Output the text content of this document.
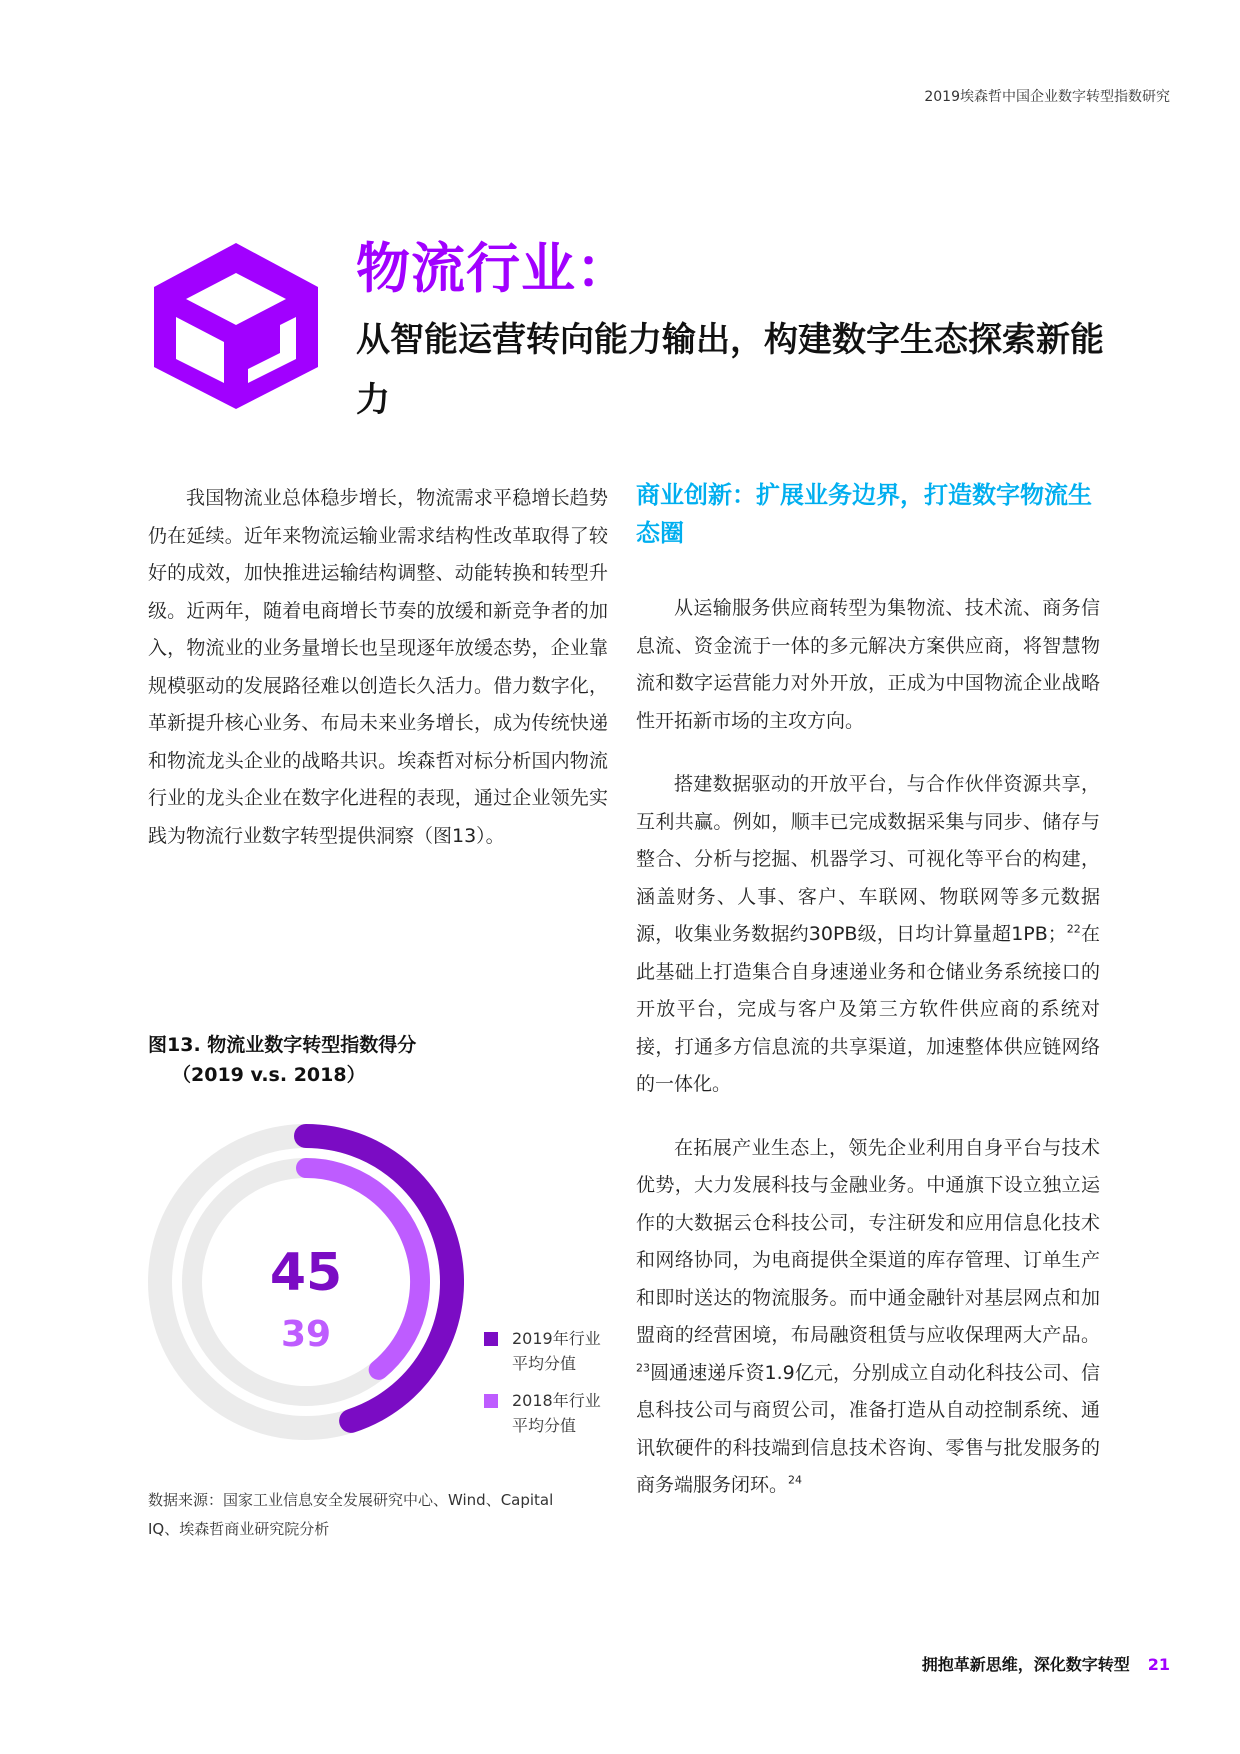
2019埃森哲中国企业数字转型指数研究
物流行业：
从智能运营转向能力输出，构建数字生态探索新能力

我国物流业总体稳步增长，物流需求平稳增长趋势仍在延续。近年来物流运输业需求结构性改革取得了较好的成效，加快推进运输结构调整、动能转换和转型升级。近两年，随着电商增长节奏的放缓和新竞争者的加入，物流业的业务量增长也呈现逐年放缓态势，企业靠规模驱动的发展路径难以创造长久活力。借力数字化，革新提升核心业务、布局未来业务增长，成为传统快递和物流龙头企业的战略共识。埃森哲对标分析国内物流行业的龙头企业在数字化进程的表现，通过企业领先实践为物流行业数字转型提供洞察（图13）。

商业创新：扩展业务边界，打造数字物流生态圈

从运输服务供应商转型为集物流、技术流、商务信息流、资金流于一体的多元解决方案供应商，将智慧物流和数字运营能力对外开放，正成为中国物流企业战略性开拓新市场的主攻方向。

搭建数据驱动的开放平台，与合作伙伴资源共享，互利共赢。例如，顺丰已完成数据采集与同步、储存与整合、分析与挖掘、机器学习、可视化等平台的构建，涵盖财务、人事、客户、车联网、物联网等多元数据源，收集业务数据约30PB级，日均计算量超1PB；$^{22}$在此基础上打造集合自身速递业务和仓储业务系统接口的开放平台，完成与客户及第三方软件供应商的系统对接，打通多方信息流的共享渠道，加速整体供应链网络的一体化。

在拓展产业生态上，领先企业利用自身平台与技术优势，大力发展科技与金融业务。中通旗下设立独立运作的大数据云仓科技公司，专注研发和应用信息化技术和网络协同，为电商提供全渠道的库存管理、订单生产和即时送达的物流服务。而中通金融针对基层网点和加盟商的经营困境，布局融资租赁与应收保理两大产品。$^{23}$圆通速递斥资1.9亿元，分别成立自动化科技公司、信息科技公司与商贸公司，准备打造从自动控制系统、通讯软硬件的科技端到信息技术咨询、零售与批发服务的商务端服务闭环。$^{24}$

图13. 物流业数字转型指数得分
（2019 v.s. 2018）
45
39	2019年行业平均分值
2018年行业平均分值
数据来源：国家工业信息安全发展研究中心、Wind、Capital IQ、埃森哲商业研究院分析
拥抱革新思维，深化数字转型 21
